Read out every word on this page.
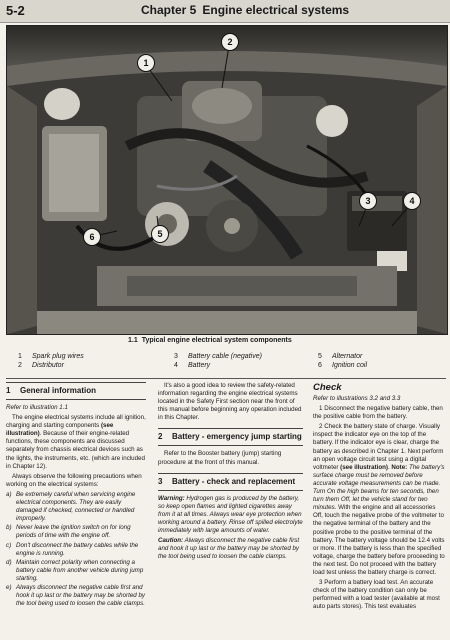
5-2	Chapter 5 Engine electrical systems
1
2
3	4
5
6
1.1 Typical engine electrical system components
1 Spark plug wires
2 Distributor
3 Battery cable (negative)
4 Battery
5 Alternator
6 Ignition coil
1	General information
Refer to illustration 1.1
The engine electrical systems include all ignition, charging and starting components (see illustration). Because of their engine-related functions, these components are discussed separately from chassis electrical devices such as the lights, the instruments, etc. (which are included in Chapter 12).
Always observe the following precautions when working on the electrical systems:
a) Be extremely careful when servicing engine electrical components. They are easily damaged if checked, connected or handled improperly.
b) Never leave the ignition switch on for long periods of time with the engine off.
c) Don't disconnect the battery cables while the engine is running.
d) Maintain correct polarity when connecting a battery cable from another vehicle during jump starting.
e) Always disconnect the negative cable first and hook it up last or the battery may be shorted by the tool being used to loosen the cable clamps.
It's also a good idea to review the safety-related information regarding the engine electrical systems located in the Safety First section near the front of this manual before beginning any operation included in this Chapter.
2	Battery - emergency jump starting
Refer to the Booster battery (jump) starting procedure at the front of this manual.
3	Battery - check and replacement
Warning: Hydrogen gas is produced by the battery, so keep open flames and lighted cigarettes away from it at all times. Always wear eye protection when working around a battery. Rinse off spilled electrolyte immediately with large amounts of water.
Caution: Always disconnect the negative cable first and hook it up last or the battery may be shorted by the tool being used to loosen the cable clamps.
Check
Refer to illustrations 3.2 and 3.3
1 Disconnect the negative battery cable, then the positive cable from the battery.
2 Check the battery state of charge. Visually inspect the indicator eye on the top of the battery. If the indicator eye is clear, charge the battery as described in Chapter 1. Next perform an open voltage circuit test using a digital voltmeter (see illustration). Note: The battery's surface charge must be removed before accurate voltage measurements can be made. Turn On the high beams for ten seconds, then turn them Off, let the vehicle stand for two minutes. With the engine and all accessories Off, touch the negative probe of the voltmeter to the negative terminal of the battery and the positive probe to the positive terminal of the battery. The battery voltage should be 12.4 volts or more. If the battery is less than the specified voltage, charge the battery before proceeding to the next test. Do not proceed with the battery load test unless the battery charge is correct.
3 Perform a battery load test. An accurate check of the battery condition can only be performed with a load tester (available at most auto parts stores). This test evaluates
